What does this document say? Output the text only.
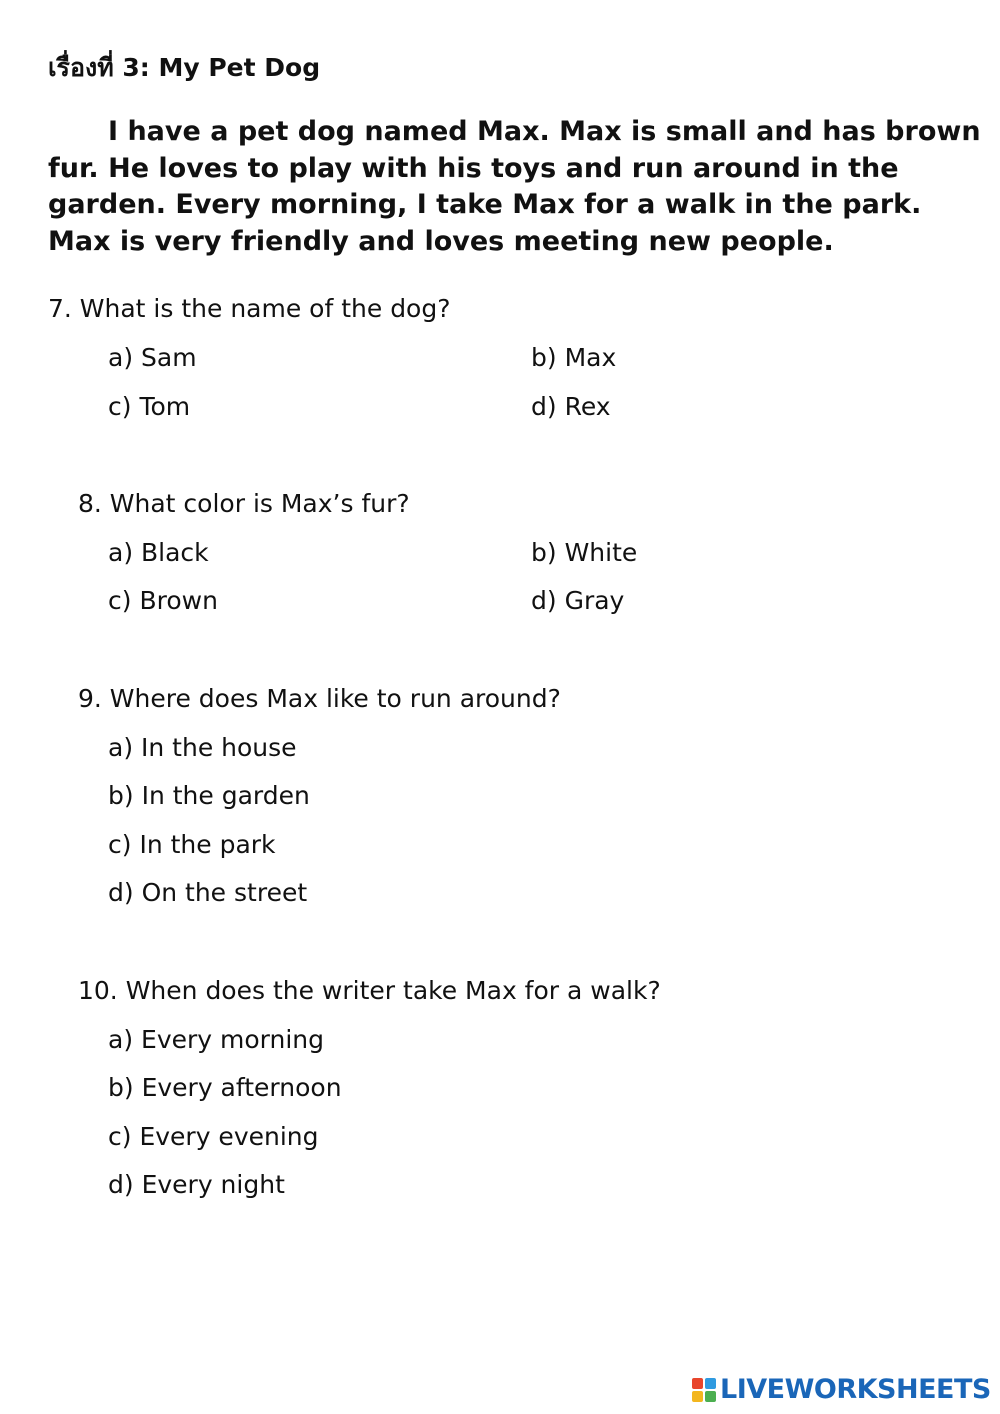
เรื่องที่ 3: My Pet Dog
I have a pet dog named Max. Max is small and has brown fur. He loves to play with his toys and run around in the garden. Every morning, I take Max for a walk in the park. Max is very friendly and loves meeting new people.
7. What is the name of the dog?
a) Sam	b) Max
c) Tom	d) Rex
8. What color is Max’s fur?
a) Black	b) White
c) Brown	d) Gray
9. Where does Max like to run around?
a) In the house
b) In the garden
c) In the park
d) On the street
10. When does the writer take Max for a walk?
a) Every morning
b) Every afternoon
c) Every evening
d) Every night
LIVEWORKSHEETS
